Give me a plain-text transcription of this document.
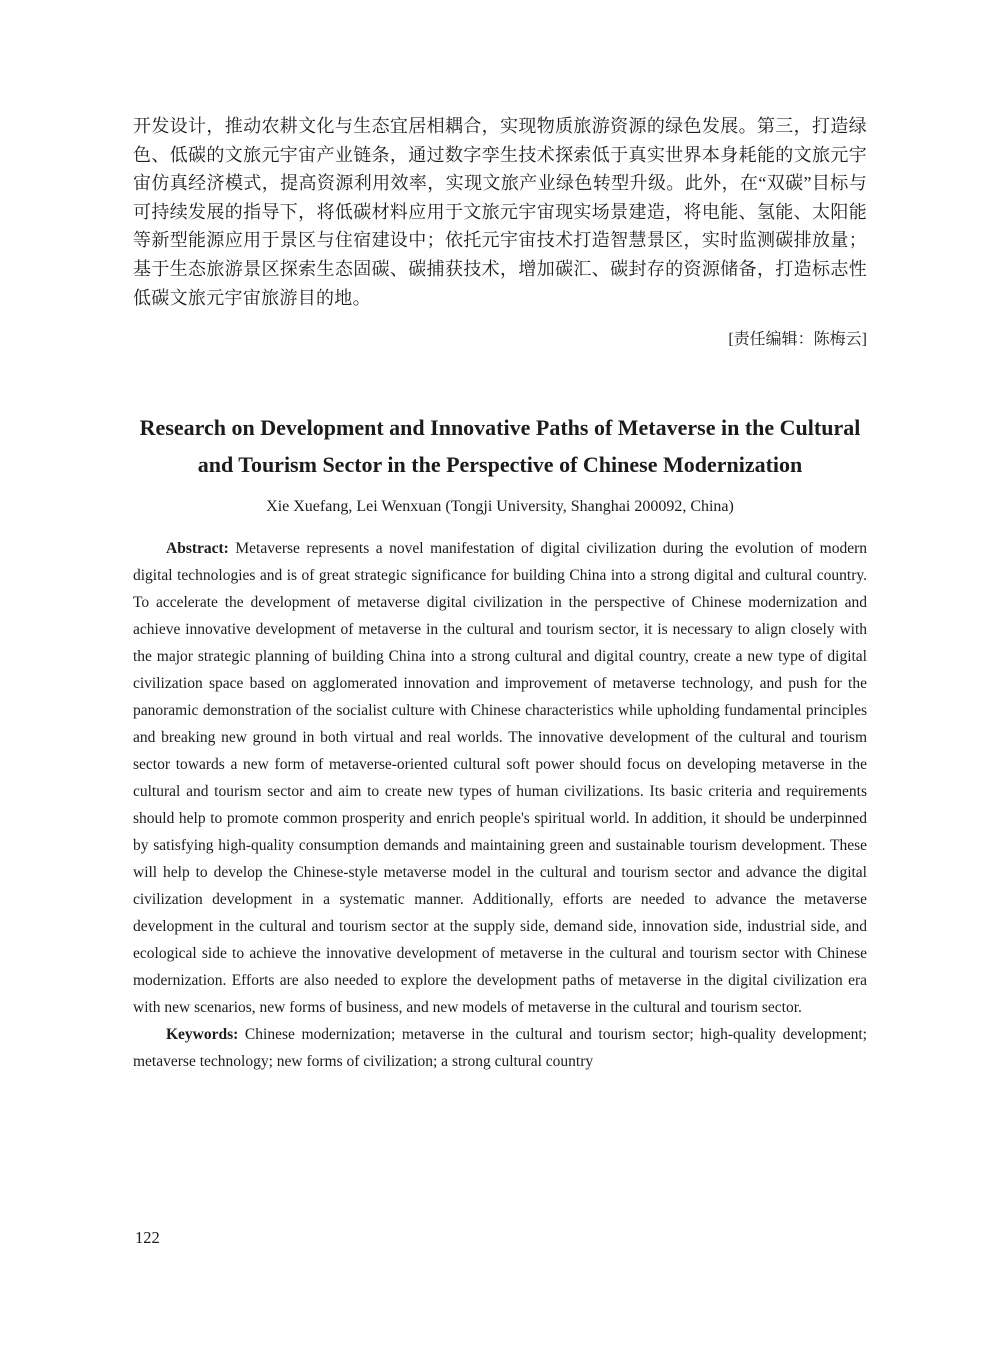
开发设计，推动农耕文化与生态宜居相耦合，实现物质旅游资源的绿色发展。第三，打造绿色、低碳的文旅元宇宙产业链条，通过数字孪生技术探索低于真实世界本身耗能的文旅元宇宙仿真经济模式，提高资源利用效率，实现文旅产业绿色转型升级。此外，在“双碳”目标与可持续发展的指导下，将低碳材料应用于文旅元宇宙现实场景建造，将电能、氢能、太阳能等新型能源应用于景区与住宿建设中；依托元宇宙技术打造智慧景区，实时监测碳排放量；基于生态旅游景区探索生态固碳、碳捕获技术，增加碳汇、碳封存的资源储备，打造标志性低碳文旅元宇宙旅游目的地。

[责任编辑：陈梅云]

Research on Development and Innovative Paths of Metaverse in the Cultural and Tourism Sector in the Perspective of Chinese Modernization

Xie Xuefang, Lei Wenxuan (Tongji University, Shanghai 200092, China)

Abstract: Metaverse represents a novel manifestation of digital civilization during the evolution of modern digital technologies and is of great strategic significance for building China into a strong digital and cultural country. To accelerate the development of metaverse digital civilization in the perspective of Chinese modernization and achieve innovative development of metaverse in the cultural and tourism sector, it is necessary to align closely with the major strategic planning of building China into a strong cultural and digital country, create a new type of digital civilization space based on agglomerated innovation and improvement of metaverse technology, and push for the panoramic demonstration of the socialist culture with Chinese characteristics while upholding fundamental principles and breaking new ground in both virtual and real worlds. The innovative development of the cultural and tourism sector towards a new form of metaverse-oriented cultural soft power should focus on developing metaverse in the cultural and tourism sector and aim to create new types of human civilizations. Its basic criteria and requirements should help to promote common prosperity and enrich people's spiritual world. In addition, it should be underpinned by satisfying high-quality consumption demands and maintaining green and sustainable tourism development. These will help to develop the Chinese-style metaverse model in the cultural and tourism sector and advance the digital civilization development in a systematic manner. Additionally, efforts are needed to advance the metaverse development in the cultural and tourism sector at the supply side, demand side, innovation side, industrial side, and ecological side to achieve the innovative development of metaverse in the cultural and tourism sector with Chinese modernization. Efforts are also needed to explore the development paths of metaverse in the digital civilization era with new scenarios, new forms of business, and new models of metaverse in the cultural and tourism sector.

Keywords: Chinese modernization; metaverse in the cultural and tourism sector; high-quality development; metaverse technology; new forms of civilization; a strong cultural country

122
